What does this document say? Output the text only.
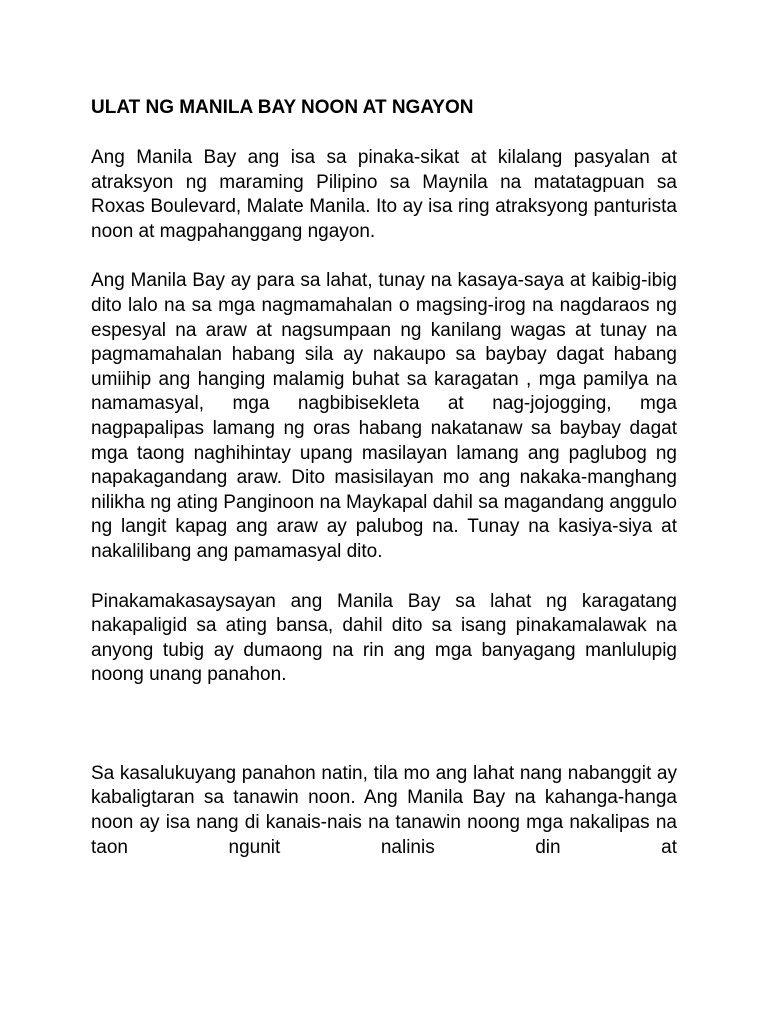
ULAT NG MANILA BAY NOON AT NGAYON

Ang Manila Bay ang isa sa pinaka-sikat at kilalang pasyalan at atraksyon ng maraming Pilipino sa Maynila na matatagpuan sa Roxas Boulevard, Malate Manila. Ito ay isa ring atraksyong panturista noon at magpahanggang ngayon.

Ang Manila Bay ay para sa lahat, tunay na kasaya-saya at kaibig-ibig dito lalo na sa mga nagmamahalan o magsing-irog na nagdaraos ng espesyal na araw at nagsumpaan ng kanilang wagas at tunay na pagmamahalan habang sila ay nakaupo sa baybay dagat habang umiihip ang hanging malamig buhat sa karagatan , mga pamilya na namamasyal, mga nagbibisekleta at nag-jojogging, mga nagpapalipas lamang ng oras habang nakatanaw sa baybay dagat mga taong naghihintay upang masilayan lamang ang paglubog ng napakagandang araw. Dito masisilayan mo ang nakaka-manghang nilikha ng ating Panginoon na Maykapal dahil sa magandang anggulo ng langit kapag ang araw ay palubog na. Tunay na kasiya-siya at nakalilibang ang pamamasyal dito.

Pinakamakasaysayan ang Manila Bay sa lahat ng karagatang nakapaligid sa ating bansa, dahil dito sa isang pinakamalawak na anyong tubig ay dumaong na rin ang mga banyagang manlulupig noong unang panahon.

Sa kasalukuyang panahon natin, tila mo ang lahat nang nabanggit ay kabaligtaran sa tanawin noon. Ang Manila Bay na kahanga-hanga noon ay isa nang di kanais-nais na tanawin noong mga nakalipas na taon ngunit nalinis din at
